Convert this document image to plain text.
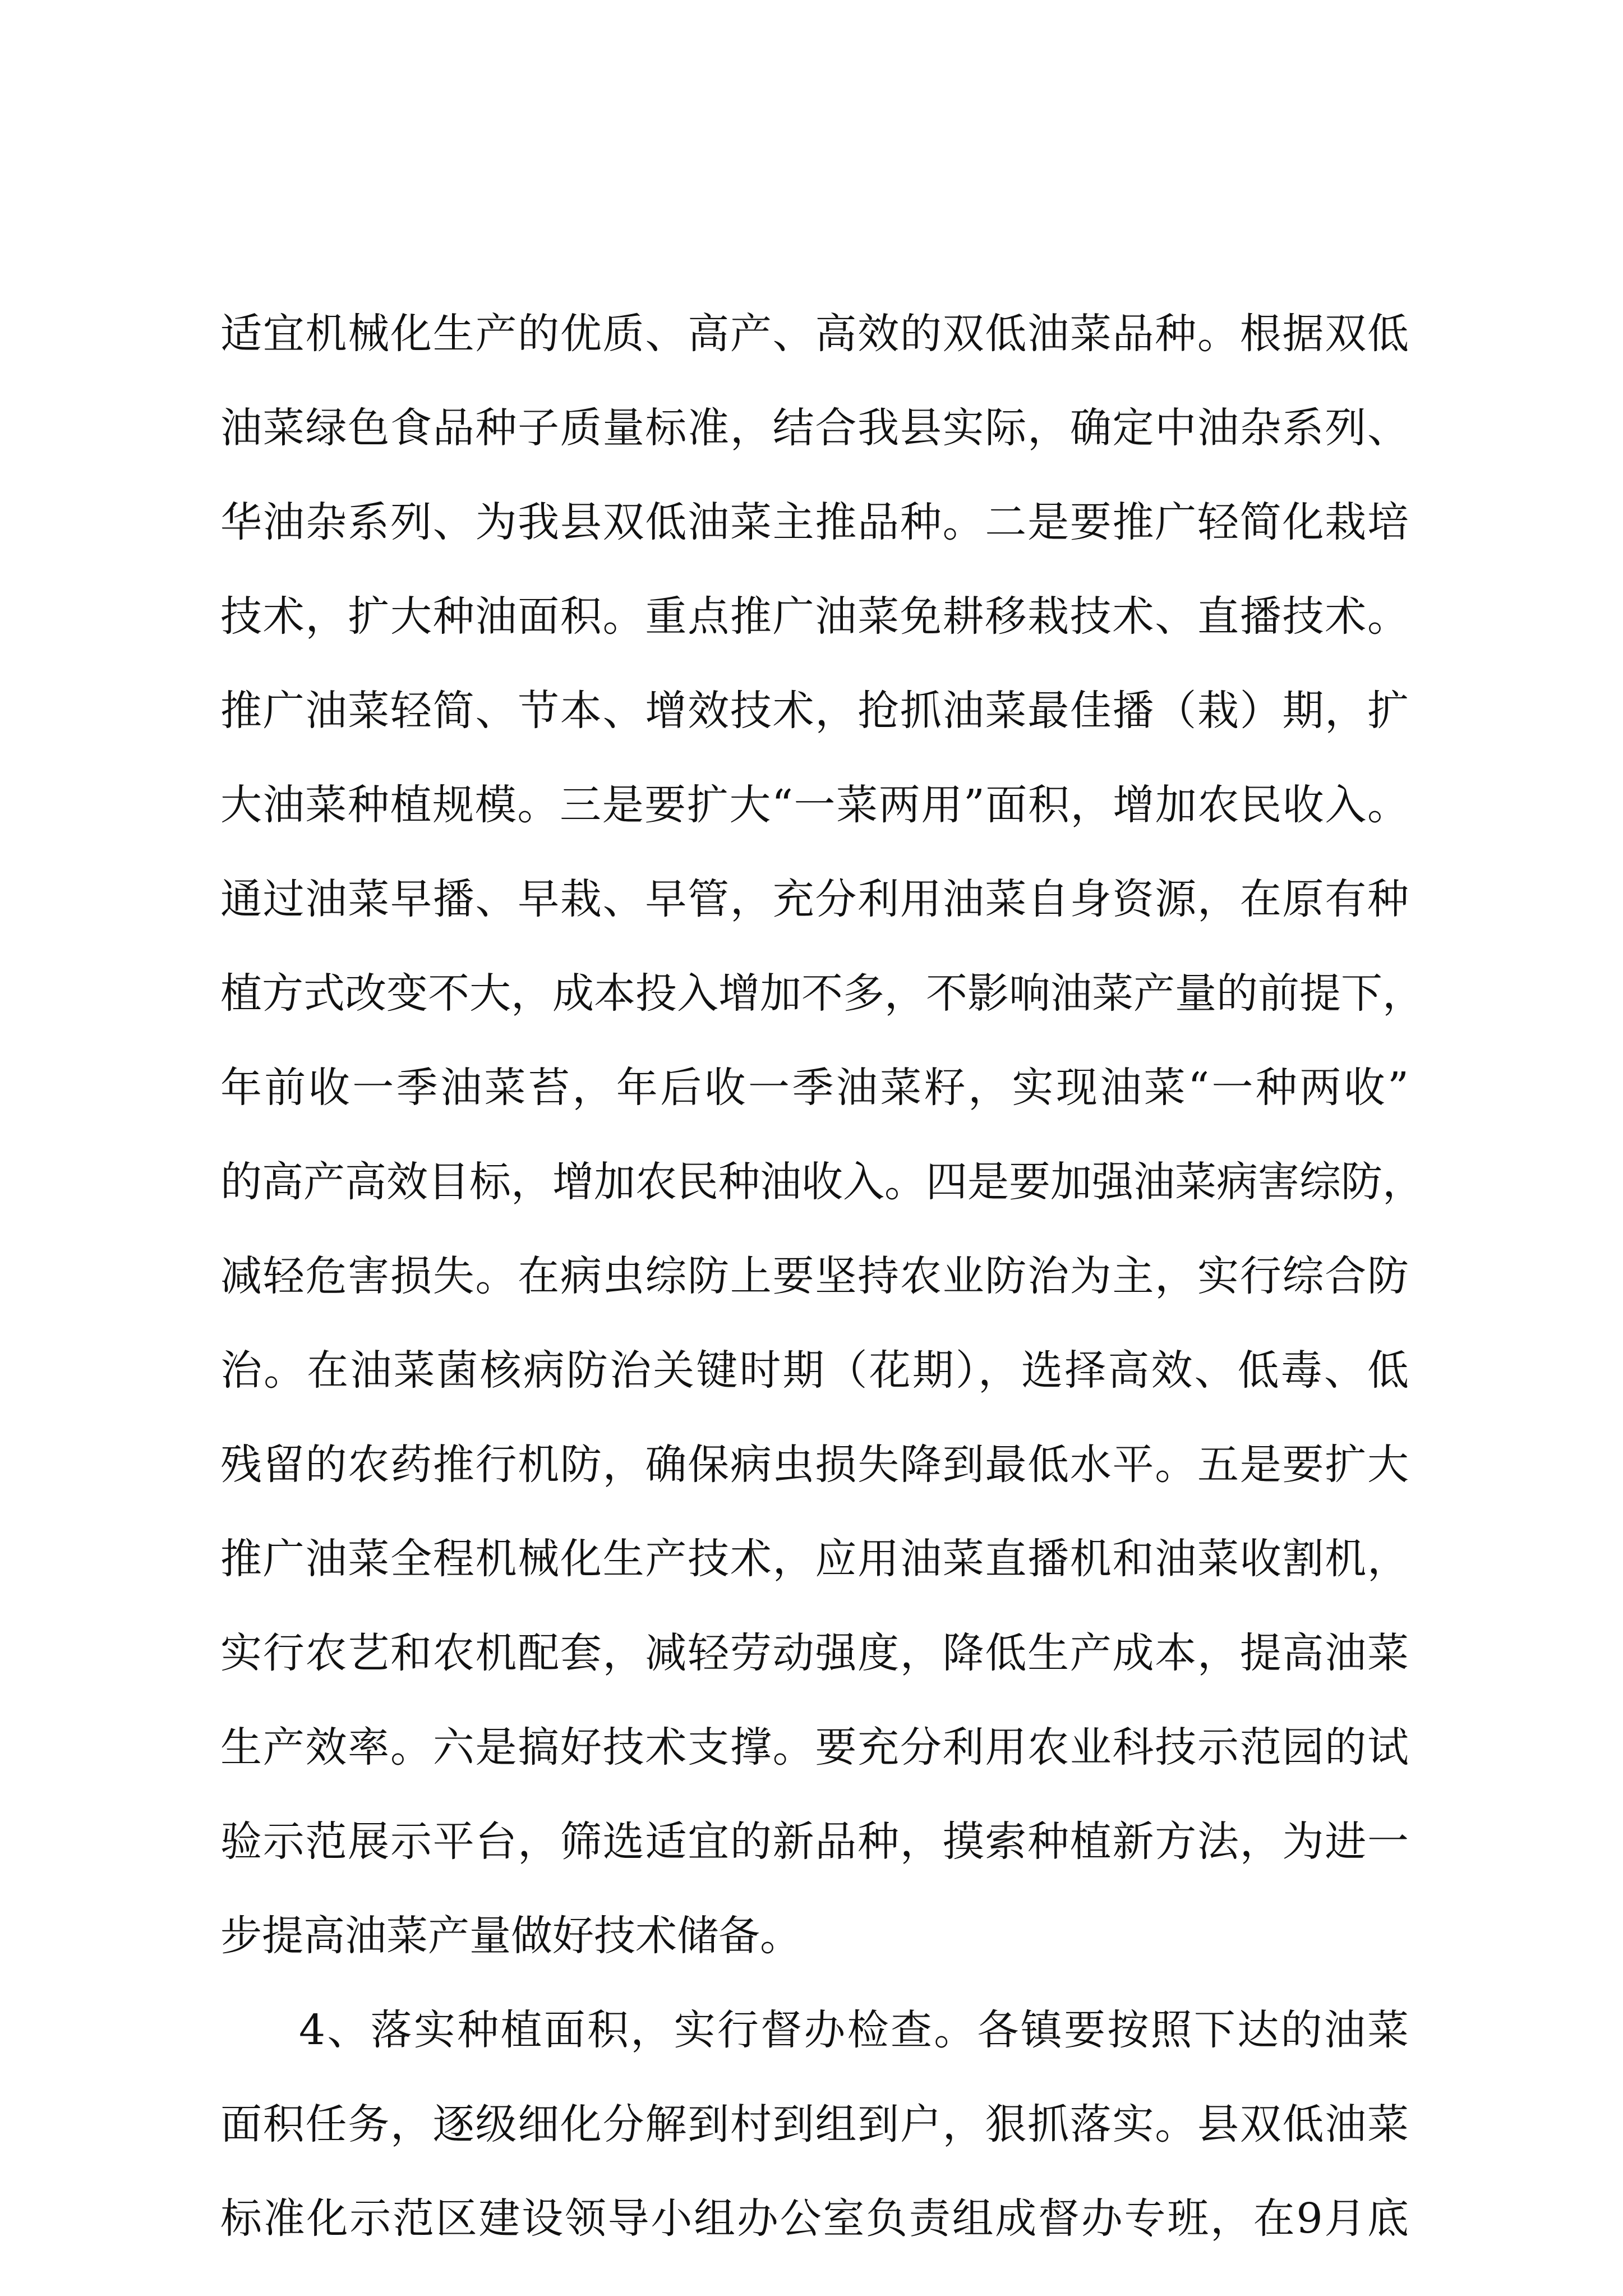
适宜机械化生产的优质、高产、高效的双低油菜品种。根据双低
油菜绿色食品种子质量标准，结合我县实际，确定中油杂系列、
华油杂系列、为我县双低油菜主推品种。二是要推广轻简化栽培
技术，扩大种油面积。重点推广油菜免耕移栽技术、直播技术。
推广油菜轻简、节本、增效技术，抢抓油菜最佳播（栽）期，扩
大油菜种植规模。三是要扩大“一菜两用”面积，增加农民收入。
通过油菜早播、早栽、早管，充分利用油菜自身资源，在原有种
植方式改变不大，成本投入增加不多，不影响油菜产量的前提下，
年前收一季油菜苔，年后收一季油菜籽，实现油菜“一种两收”
的高产高效目标，增加农民种油收入。四是要加强油菜病害综防，
减轻危害损失。在病虫综防上要坚持农业防治为主，实行综合防
治。在油菜菌核病防治关键时期（花期），选择高效、低毒、低
残留的农药推行机防，确保病虫损失降到最低水平。五是要扩大
推广油菜全程机械化生产技术，应用油菜直播机和油菜收割机，
实行农艺和农机配套，减轻劳动强度，降低生产成本，提高油菜
生产效率。六是搞好技术支撑。要充分利用农业科技示范园的试
验示范展示平台，筛选适宜的新品种，摸索种植新方法，为进一
步提高油菜产量做好技术储备。
4、落实种植面积，实行督办检查。各镇要按照下达的油菜
面积任务，逐级细化分解到村到组到户，狠抓落实。县双低油菜
标准化示范区建设领导小组办公室负责组成督办专班，在9月底
